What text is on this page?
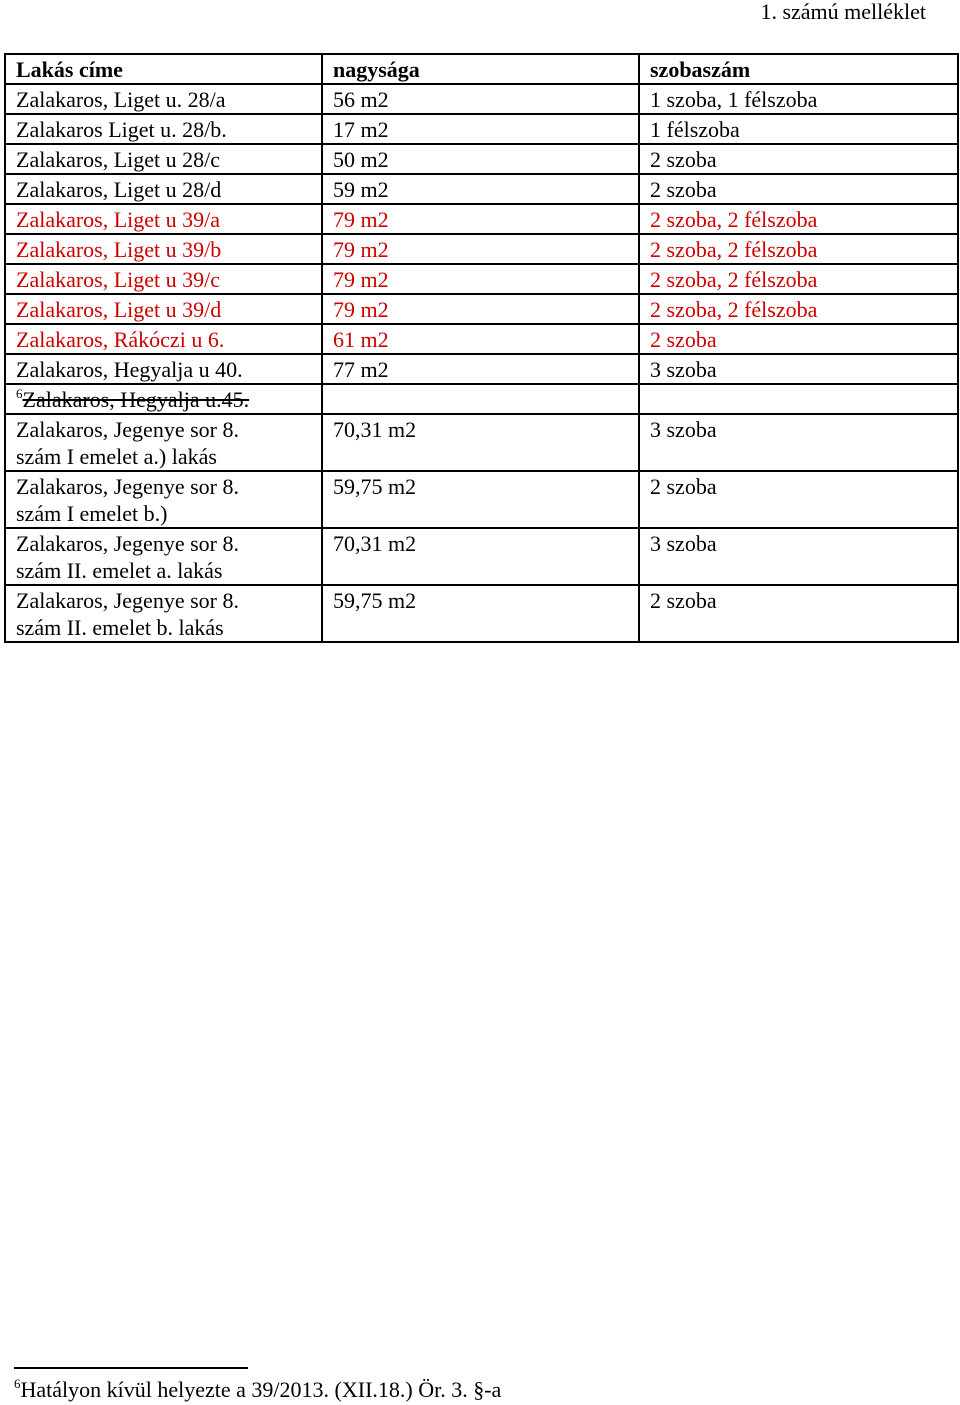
1. számú melléklet
Lakás címe	nagysága	szobaszám
Zalakaros, Liget u. 28/a	56 m2	1 szoba, 1 félszoba
Zalakaros Liget u. 28/b.	17 m2	1 félszoba
Zalakaros, Liget u 28/c	50 m2	2 szoba
Zalakaros, Liget u 28/d	59 m2	2 szoba
Zalakaros, Liget u 39/a	79 m2	2 szoba, 2 félszoba
Zalakaros, Liget u 39/b	79 m2	2 szoba, 2 félszoba
Zalakaros, Liget u 39/c	79 m2	2 szoba, 2 félszoba
Zalakaros, Liget u 39/d	79 m2	2 szoba, 2 félszoba
Zalakaros, Rákóczi u 6.	61 m2	2 szoba
Zalakaros, Hegyalja u 40.	77 m2	3 szoba
$^6$Zalakaros, Hegyalja u.45.		
Zalakaros, Jegenye sor 8.
szám I emelet a.) lakás	70,31 m2	3 szoba
Zalakaros, Jegenye sor 8.
szám I emelet b.)	59,75 m2	2 szoba
Zalakaros, Jegenye sor 8.
szám II. emelet a. lakás	70,31 m2	3 szoba
Zalakaros, Jegenye sor 8.
szám II. emelet b. lakás	59,75 m2	2 szoba
$^6$Hatályon kívül helyezte a 39/2013. (XII.18.) Ör. 3. §-a
